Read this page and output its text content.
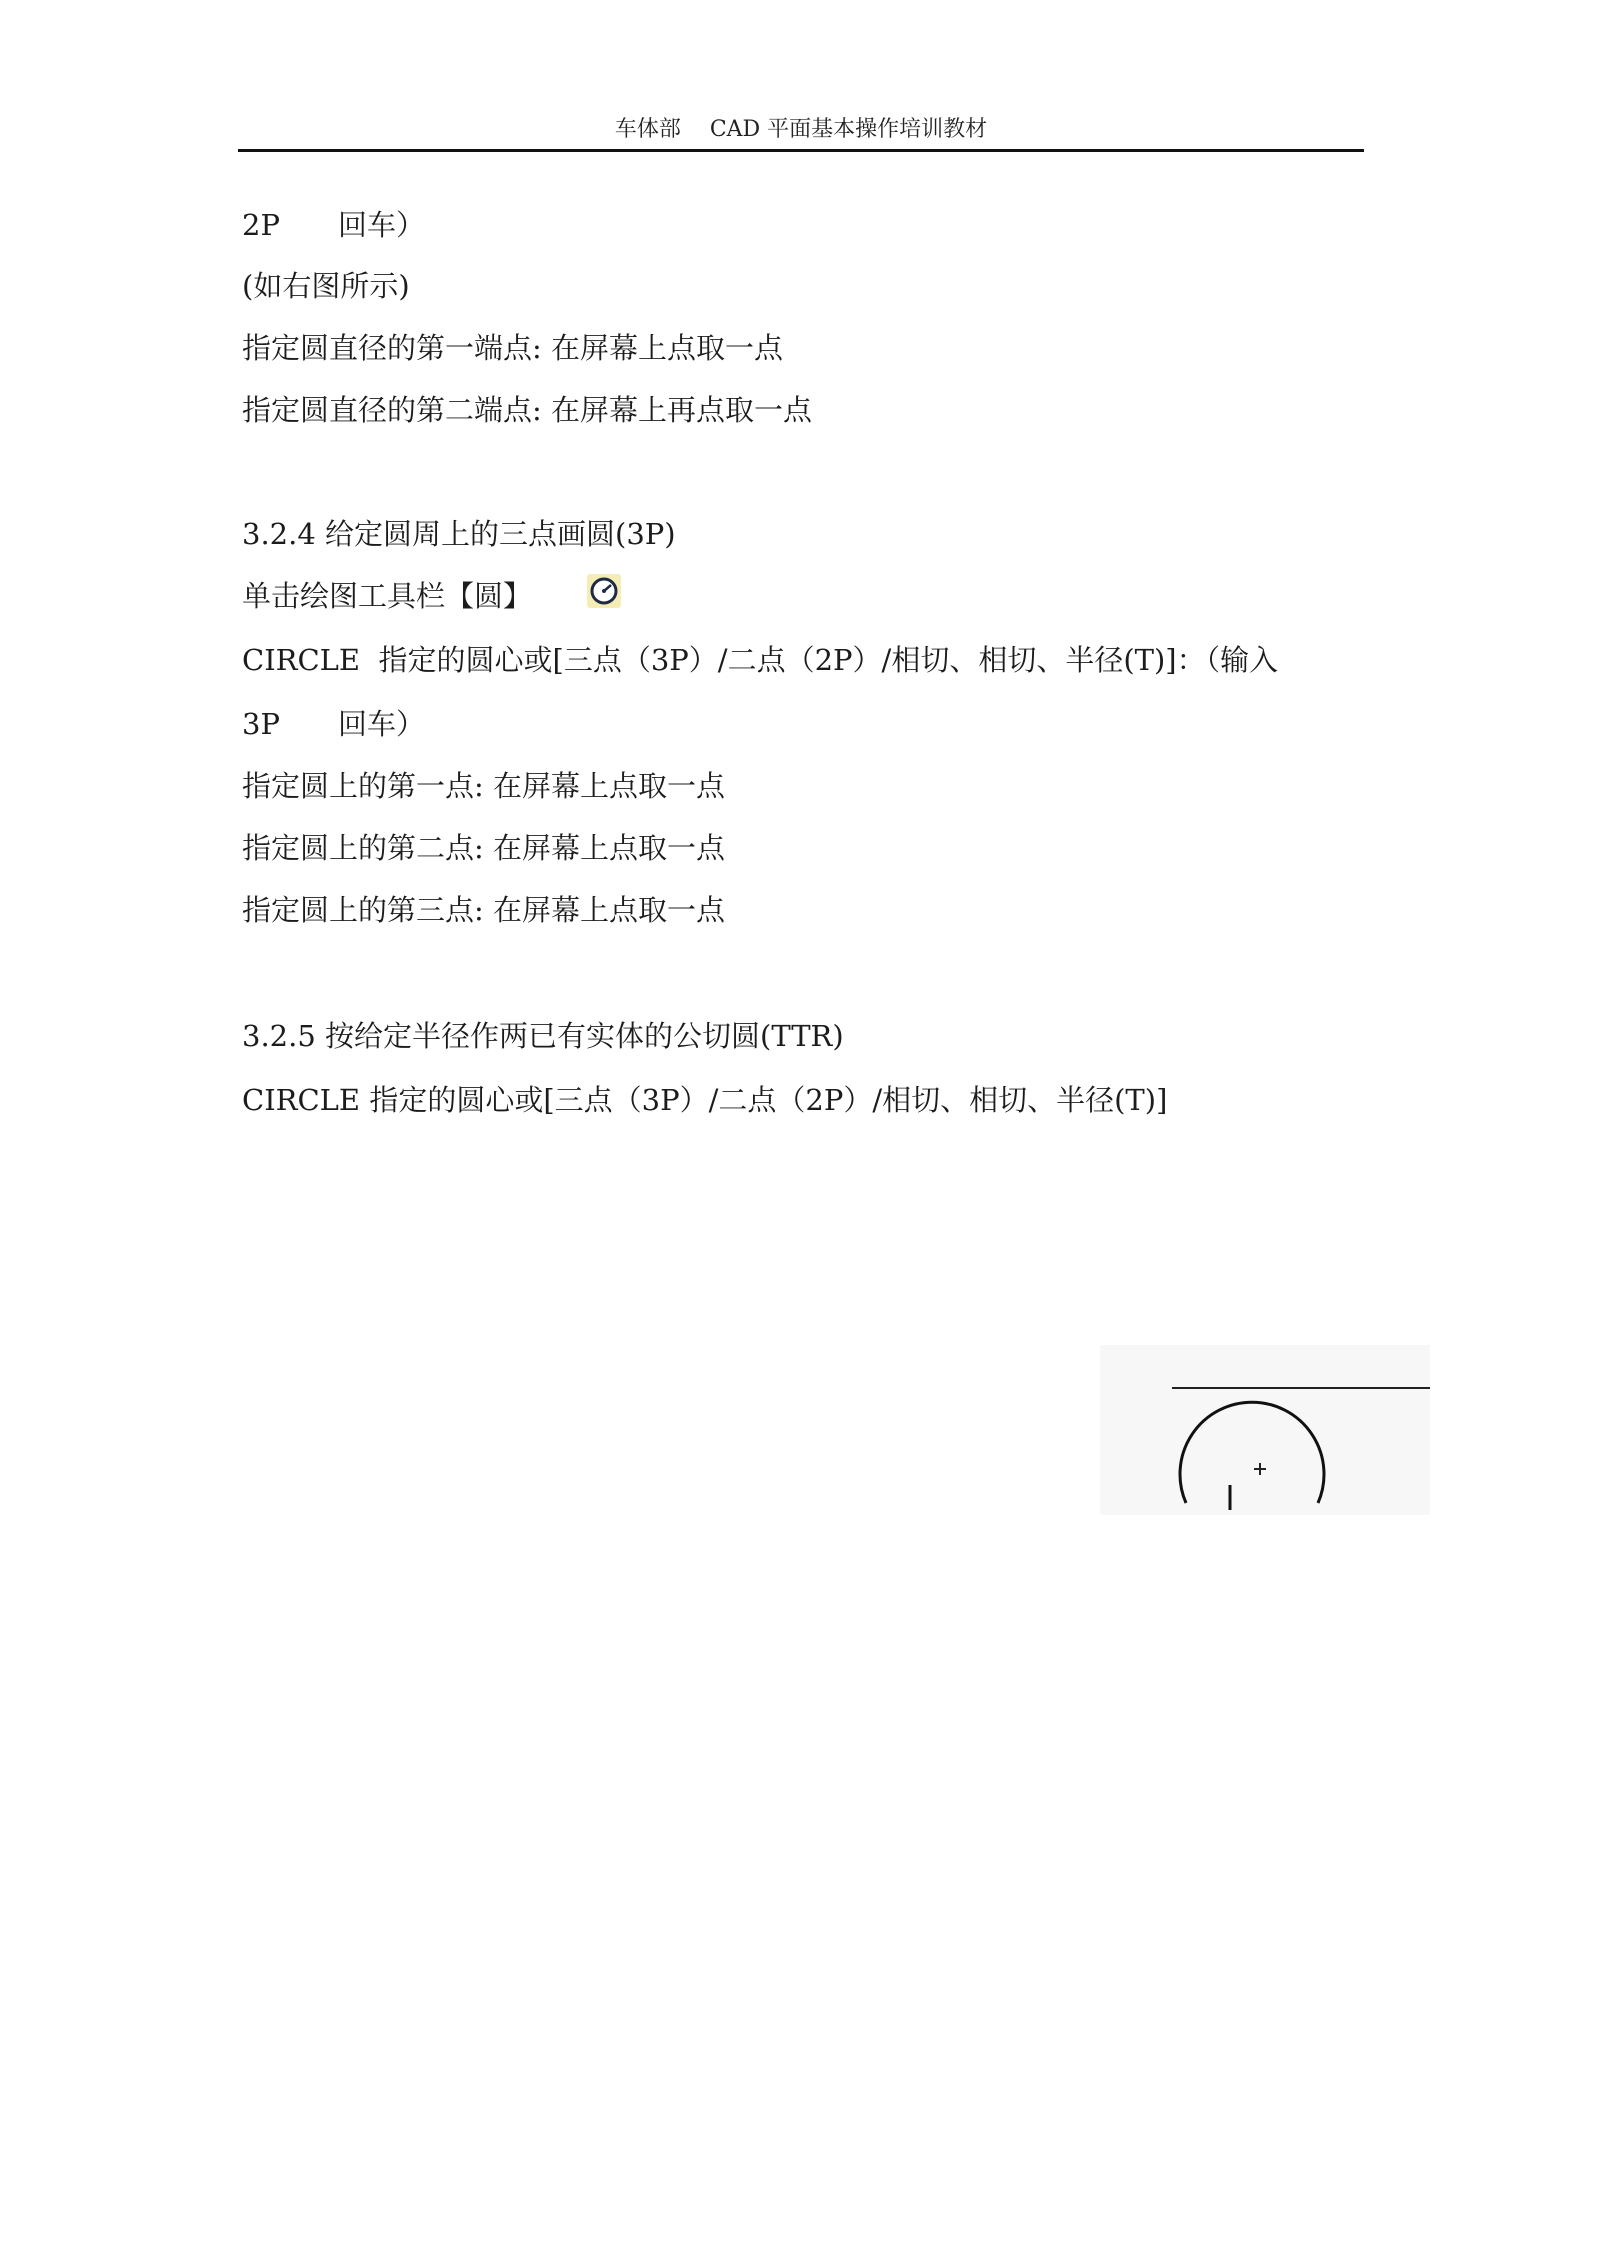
车体部 CAD 平面基本操作培训教材
2P　　回车）
(如右图所示)
指定圆直径的第一端点: 在屏幕上点取一点
指定圆直径的第二端点: 在屏幕上再点取一点
3.2.4 给定圆周上的三点画圆(3P)
单击绘图工具栏【圆】
CIRCLE  指定的圆心或[三点（3P）/二点（2P）/相切、相切、半径(T)]：（输入
3P　　回车）
指定圆上的第一点: 在屏幕上点取一点
指定圆上的第二点: 在屏幕上点取一点
指定圆上的第三点: 在屏幕上点取一点
3.2.5 按给定半径作两已有实体的公切圆(TTR)
CIRCLE 指定的圆心或[三点（3P）/二点（2P）/相切、相切、半径(T)]
